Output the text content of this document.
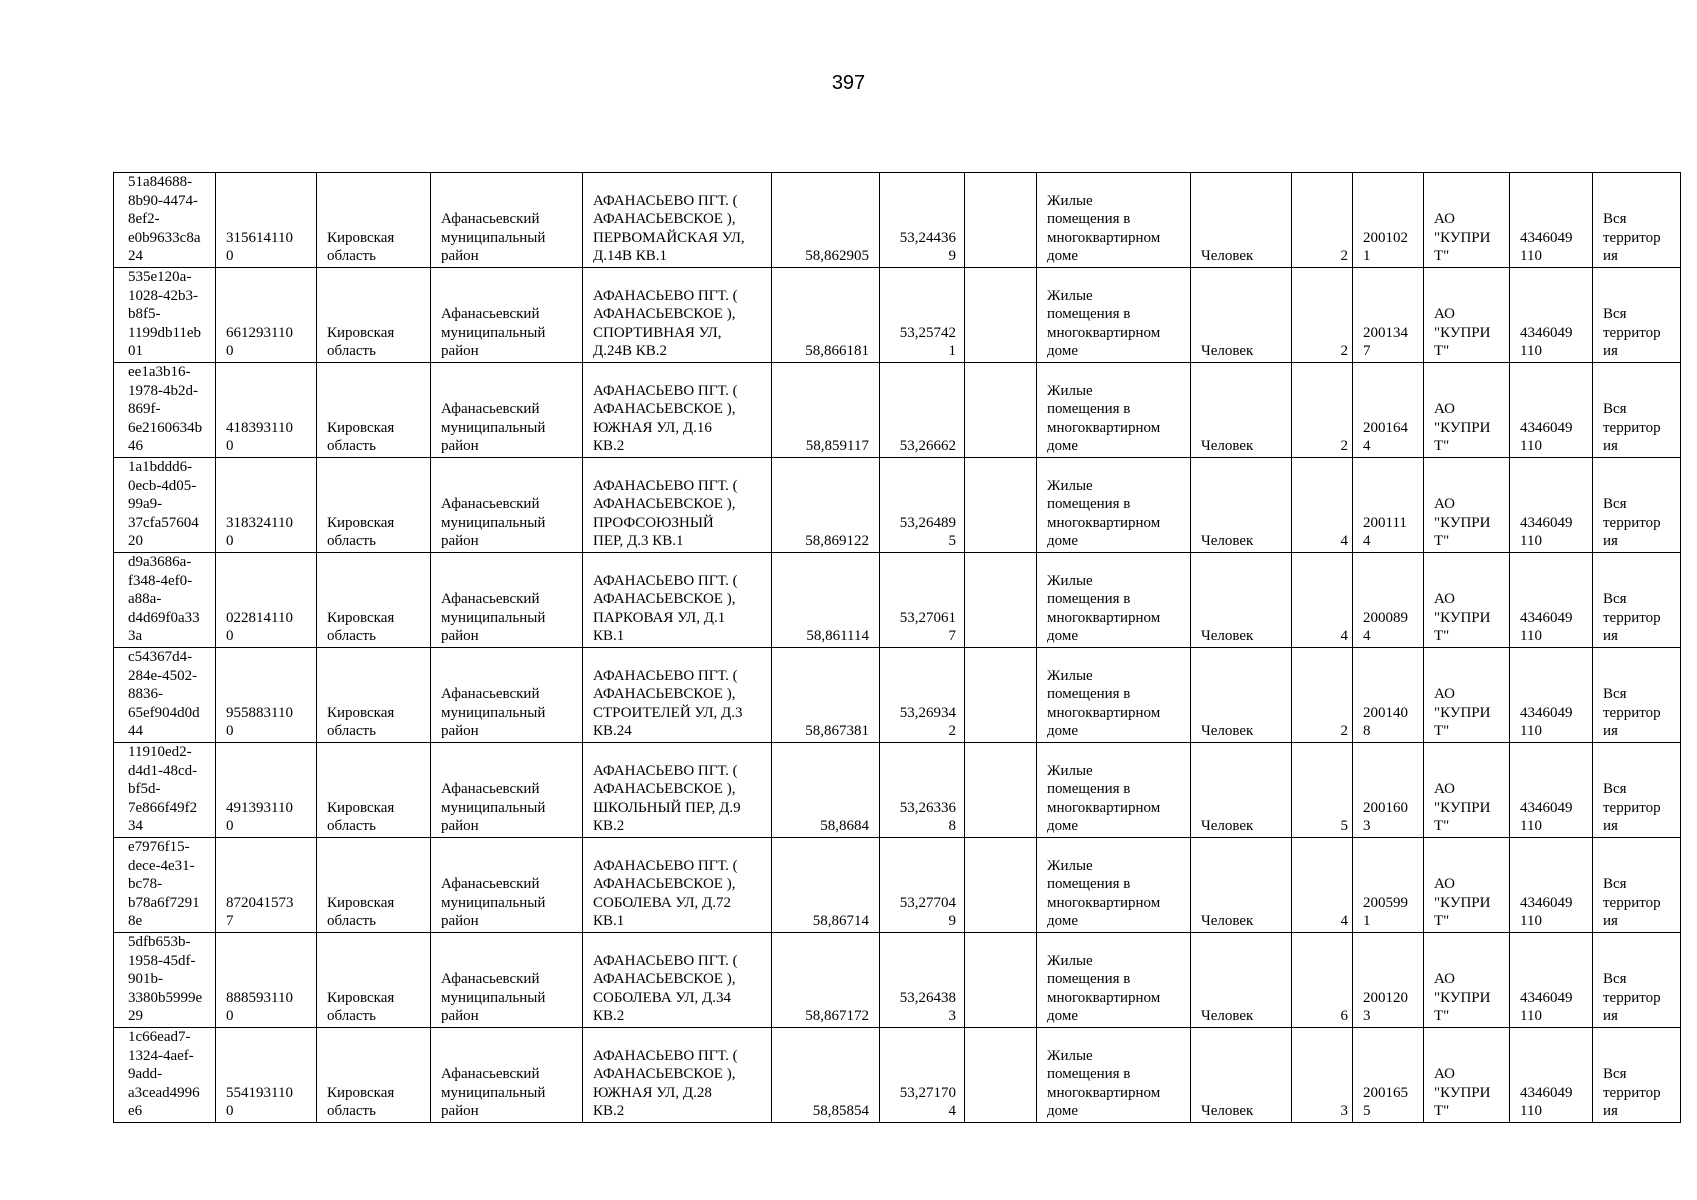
397
51a84688-
8b90-4474-
8ef2-
e0b9633c8a
24	315614110
0	Кировская
область	Афанасьевский
муниципальный
район	АФАНАСЬЕВО ПГТ. (
АФАНАСЬЕВСКОЕ ),
ПЕРВОМАЙСКАЯ УЛ,
Д.14В КВ.1	58,862905	53,24436
9		Жилые
помещения в
многоквартирном
доме	Человек	2	200102
1	АО
"КУПРИ
Т"	4346049
110	Вся
территор
ия
535e120a-
1028-42b3-
b8f5-
1199db11eb
01	661293110
0	Кировская
область	Афанасьевский
муниципальный
район	АФАНАСЬЕВО ПГТ. (
АФАНАСЬЕВСКОЕ ),
СПОРТИВНАЯ УЛ,
Д.24В КВ.2	58,866181	53,25742
1		Жилые
помещения в
многоквартирном
доме	Человек	2	200134
7	АО
"КУПРИ
Т"	4346049
110	Вся
территор
ия
ee1a3b16-
1978-4b2d-
869f-
6e2160634b
46	418393110
0	Кировская
область	Афанасьевский
муниципальный
район	АФАНАСЬЕВО ПГТ. (
АФАНАСЬЕВСКОЕ ),
ЮЖНАЯ УЛ, Д.16
КВ.2	58,859117	53,26662		Жилые
помещения в
многоквартирном
доме	Человек	2	200164
4	АО
"КУПРИ
Т"	4346049
110	Вся
территор
ия
1a1bddd6-
0ecb-4d05-
99a9-
37cfa57604
20	318324110
0	Кировская
область	Афанасьевский
муниципальный
район	АФАНАСЬЕВО ПГТ. (
АФАНАСЬЕВСКОЕ ),
ПРОФСОЮЗНЫЙ
ПЕР, Д.3 КВ.1	58,869122	53,26489
5		Жилые
помещения в
многоквартирном
доме	Человек	4	200111
4	АО
"КУПРИ
Т"	4346049
110	Вся
территор
ия
d9a3686a-
f348-4ef0-
a88a-
d4d69f0a33
3a	022814110
0	Кировская
область	Афанасьевский
муниципальный
район	АФАНАСЬЕВО ПГТ. (
АФАНАСЬЕВСКОЕ ),
ПАРКОВАЯ УЛ, Д.1
КВ.1	58,861114	53,27061
7		Жилые
помещения в
многоквартирном
доме	Человек	4	200089
4	АО
"КУПРИ
Т"	4346049
110	Вся
территор
ия
c54367d4-
284e-4502-
8836-
65ef904d0d
44	955883110
0	Кировская
область	Афанасьевский
муниципальный
район	АФАНАСЬЕВО ПГТ. (
АФАНАСЬЕВСКОЕ ),
СТРОИТЕЛЕЙ УЛ, Д.3
КВ.24	58,867381	53,26934
2		Жилые
помещения в
многоквартирном
доме	Человек	2	200140
8	АО
"КУПРИ
Т"	4346049
110	Вся
территор
ия
11910ed2-
d4d1-48cd-
bf5d-
7e866f49f2
34	491393110
0	Кировская
область	Афанасьевский
муниципальный
район	АФАНАСЬЕВО ПГТ. (
АФАНАСЬЕВСКОЕ ),
ШКОЛЬНЫЙ ПЕР, Д.9
КВ.2	58,8684	53,26336
8		Жилые
помещения в
многоквартирном
доме	Человек	5	200160
3	АО
"КУПРИ
Т"	4346049
110	Вся
территор
ия
e7976f15-
dece-4e31-
bc78-
b78a6f7291
8e	872041573
7	Кировская
область	Афанасьевский
муниципальный
район	АФАНАСЬЕВО ПГТ. (
АФАНАСЬЕВСКОЕ ),
СОБОЛЕВА УЛ, Д.72
КВ.1	58,86714	53,27704
9		Жилые
помещения в
многоквартирном
доме	Человек	4	200599
1	АО
"КУПРИ
Т"	4346049
110	Вся
территор
ия
5dfb653b-
1958-45df-
901b-
3380b5999e
29	888593110
0	Кировская
область	Афанасьевский
муниципальный
район	АФАНАСЬЕВО ПГТ. (
АФАНАСЬЕВСКОЕ ),
СОБОЛЕВА УЛ, Д.34
КВ.2	58,867172	53,26438
3		Жилые
помещения в
многоквартирном
доме	Человек	6	200120
3	АО
"КУПРИ
Т"	4346049
110	Вся
территор
ия
1c66ead7-
1324-4aef-
9add-
a3cead4996
e6	554193110
0	Кировская
область	Афанасьевский
муниципальный
район	АФАНАСЬЕВО ПГТ. (
АФАНАСЬЕВСКОЕ ),
ЮЖНАЯ УЛ, Д.28
КВ.2	58,85854	53,27170
4		Жилые
помещения в
многоквартирном
доме	Человек	3	200165
5	АО
"КУПРИ
Т"	4346049
110	Вся
территор
ия
